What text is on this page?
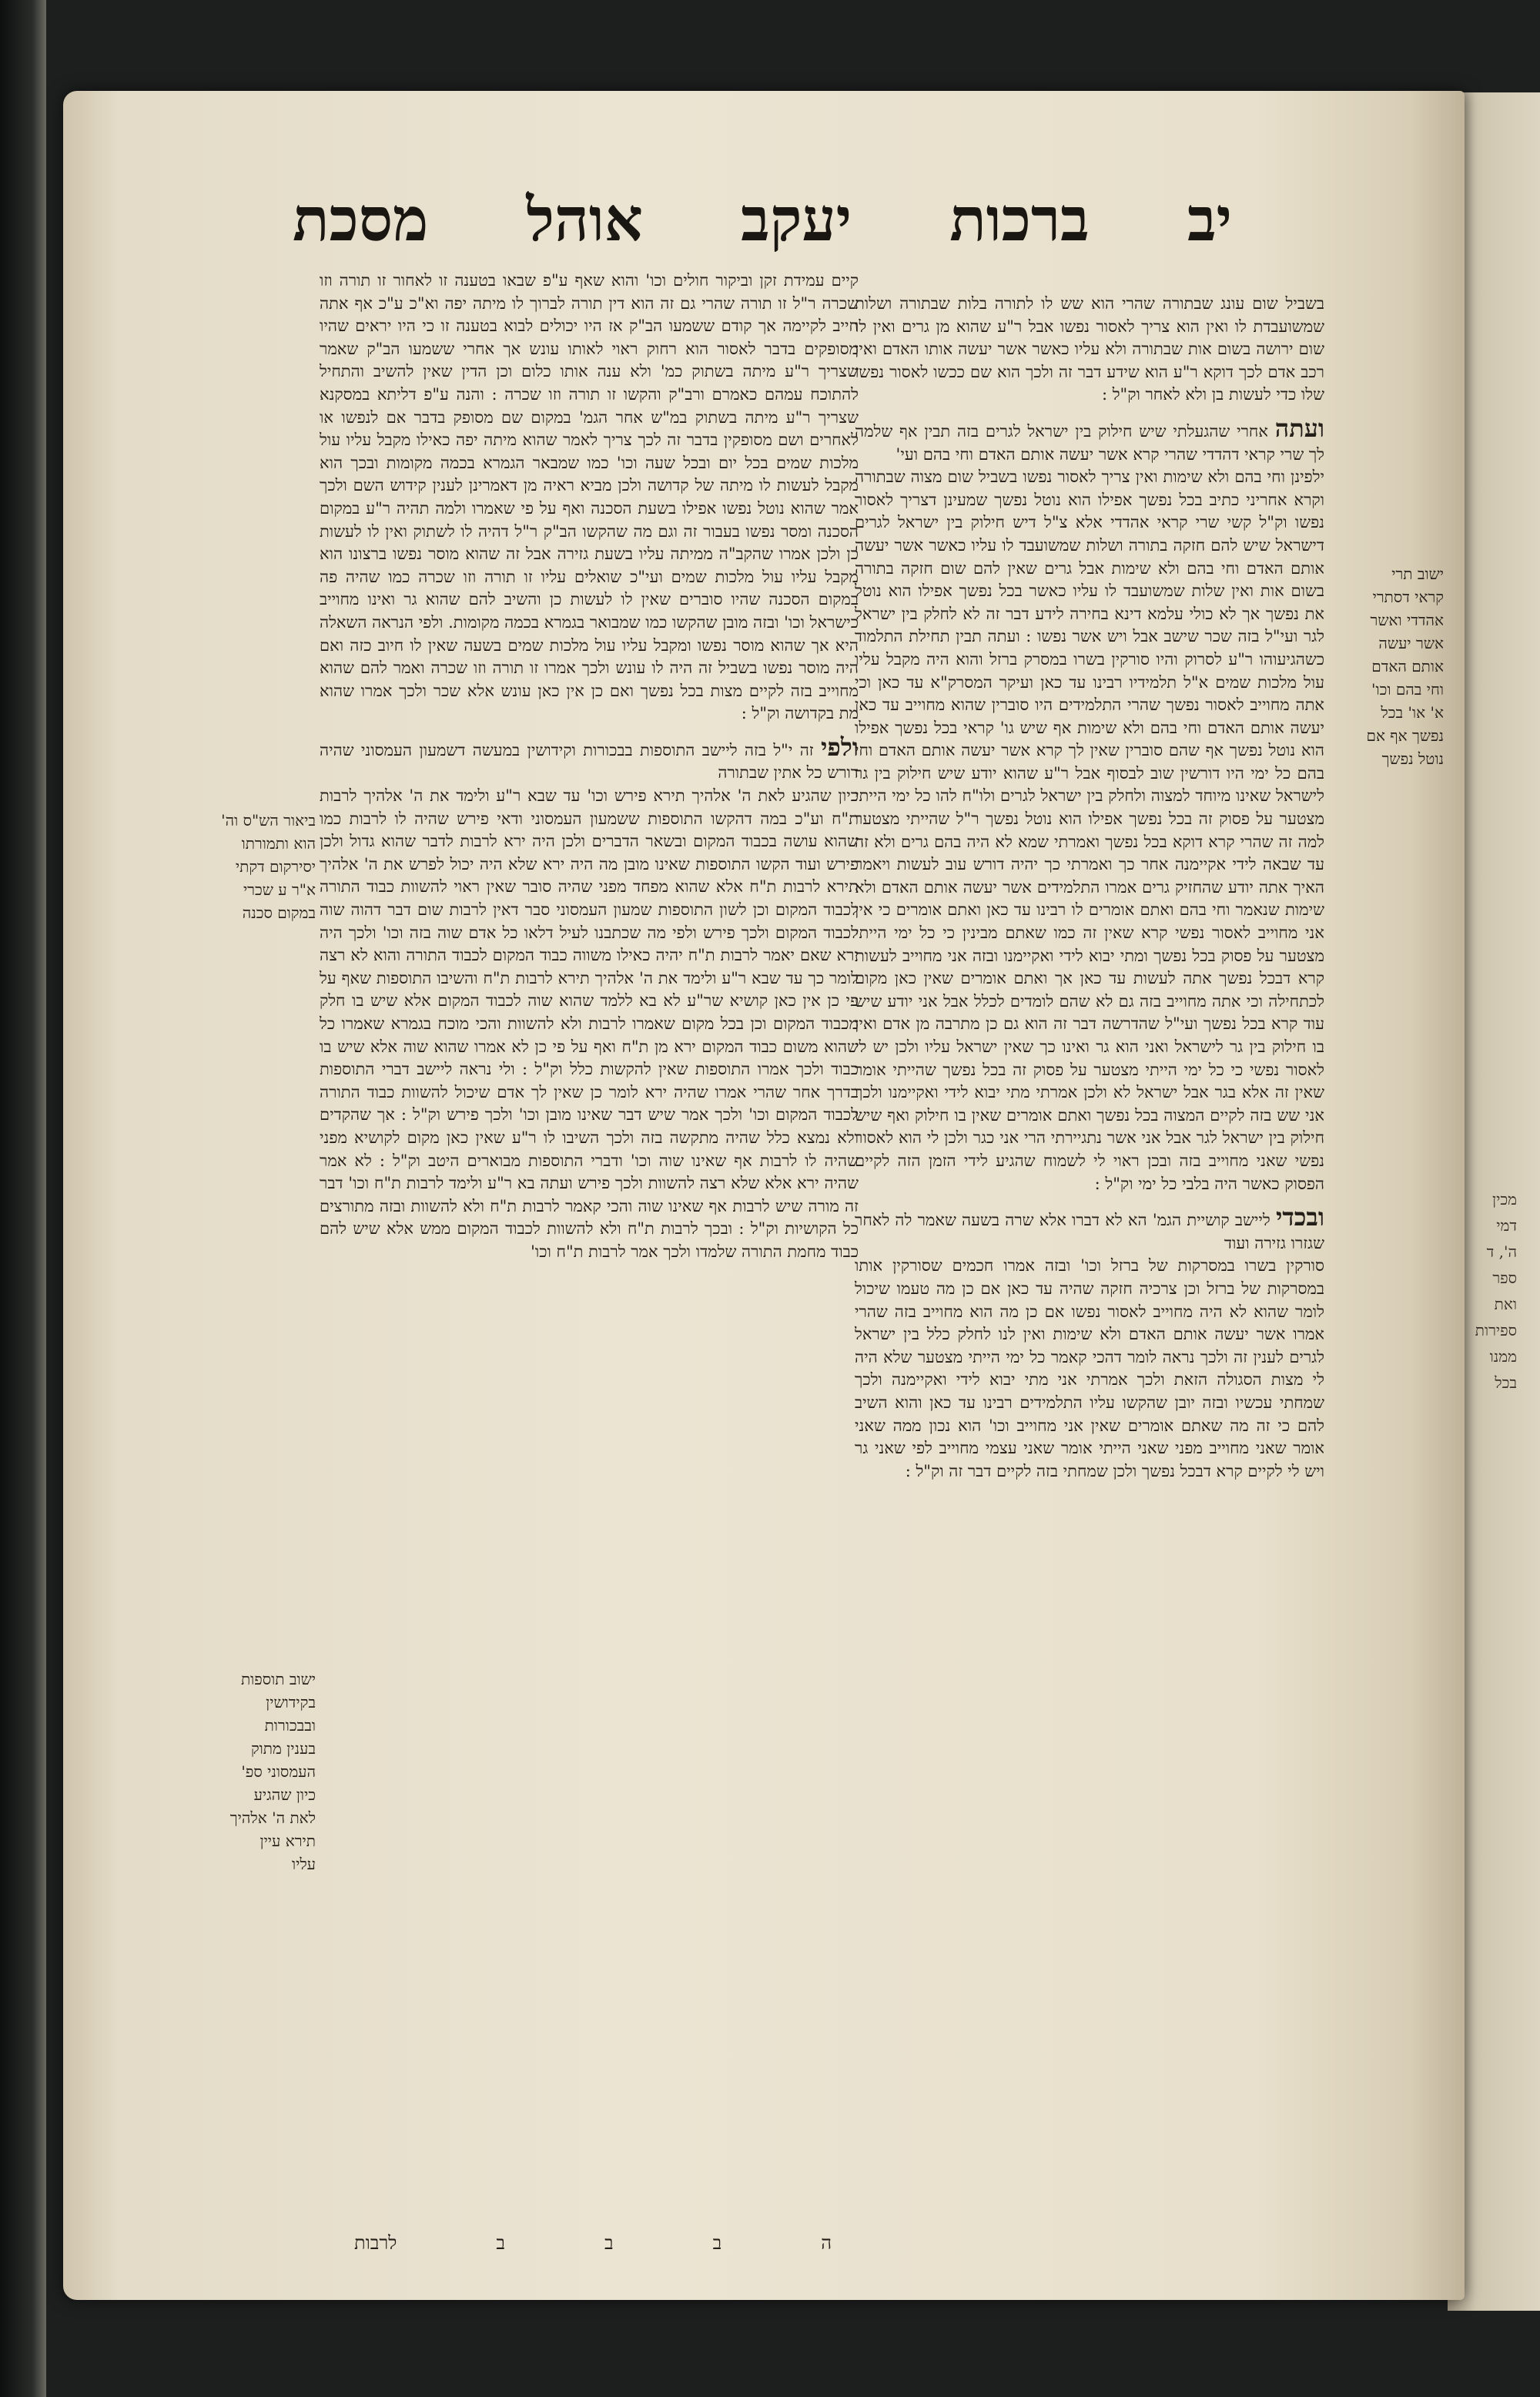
מכין
דמי
ה', ד
ספר
ואת
ספירות
ממנו
בכל
מסכת אוהל יעקב ברכות יב

בשביל שום עונג שבתורה שהרי הוא שש לו לתורה בלות שבתורה ושלות שמשועבדת לו ואין הוא צריך לאסור נפשו אבל ר"ע שהוא מן גרים ואין לו שום ירושה בשום אות שבתורה ולא עליו כאשר אשר יעשה אותו האדם ואין רכב אדם לכך דוקא ר"ע הוא שידע דבר זה ולכך הוא שם ככשו לאסור נפשו שלו כדי לעשות בן ולא לאחר וק"ל :

ועתה אחרי שהגעלתי שיש חילוק בין ישראל לגרים בזה תבין אף שלמה לך שרי קראי דהדדי שהרי קרא אשר יעשה אותם האדם וחי בהם ועי'

ילפינן וחי בהם ולא שימות ואין צריך לאסור נפשו בשביל שום מצוה שבתורה וקרא אחריני כתיב בכל נפשך אפילו הוא נוטל נפשך שמעינן דצריך לאסור נפשו וק"ל קשי שרי קראי אהדדי אלא צ"ל דיש חילוק בין ישראל לגרים דישראל שיש להם חזקה בתורה ושלות שמשועבד לו עליו כאשר אשר יעשה אותם האדם וחי בהם ולא שימות אבל גרים שאין להם שום חזקה בתורה בשום אות ואין שלות שמשועבד לו עליו כאשר בכל נפשך אפילו הוא נוטל את נפשך אך לא כולי עלמא דינא בחירה לידע דבר זה לא לחלק בין ישראל לגר ועי"ל בזה שכר שישב אבל ויש אשר נפשו : ועתה תבין תחילת התלמוד כשהגיעוהו ר"ע לסרוק והיו סורקין בשרו במסרק ברזל והוא היה מקבל עליו עול מלכות שמים א"ל תלמידיו רבינו עד כאן ועיקר המסרק"א עד כאן וכי אתה מחוייב לאסור נפשך שהרי התלמידים היו סוברין שהוא מחוייב עד כאן יעשה אותם האדם וחי בהם ולא שימות אף שיש גו' קראי בכל נפשך אפילו הוא נוטל נפשך אף שהם סוברין שאין לך קרא אשר יעשה אותם האדם וחי בהם כל ימי היו דורשין שוב לבסוף אבל ר"ע שהוא יודע שיש חילוק בין גר לישראל שאינו מיוחד למצוה ולחלק בין ישראל לגרים ולו"ח להו כל ימי הייתי מצטער על פסוק זה בכל נפשך אפילו הוא נוטל נפשך ר"ל שהייתי מצטער למה זה שהרי קרא דוקא בכל נפשך ואמרתי שמא לא היה בהם גרים ולא זה עד שבאה לידי אקיימנה אחר כך ואמרתי כך יהיה דורש עוב לעשות ויאמר האיך אתה יודע שהחזיק גרים אמרו התלמידים אשר יעשה אותם האדם ולא שימות שנאמר וחי בהם ואתם אומרים לו רבינו עד כאן ואתם אומרים כי אין אני מחוייב לאסור נפשי קרא שאין זה כמו שאתם מבינין כי כל ימי הייתי מצטער על פסוק בכל נפשך ומתי יבוא לידי ואקיימנו ובזה אני מחוייב לעשות קרא דבכל נפשך אתה לעשות עד כאן אך ואתם אומרים שאין כאן מקום לכתחילה וכי אתה מחוייב בזה גם לא שהם לומדים לכלל אבל אני יודע שיש עוד קרא בכל נפשך ועי"ל שהדרשה דבר זה הוא גם כן מתרבה מן אדם ואין בו חילוק בין גר לישראל ואני הוא גר ואינו כך שאין ישראל עליו ולכן יש לי לאסור נפשי כי כל ימי הייתי מצטער על פסוק זה בכל נפשך שהייתי אומר שאין זה אלא בגר אבל ישראל לא ולכן אמרתי מתי יבוא לידי ואקיימנו ולכך אני שש בזה לקיים המצוה בכל נפשך ואתם אומרים שאין בו חילוק ואף שיש חילוק בין ישראל לגר אבל אני אשר נתגיירתי הרי אני כגר ולכן לי הוא לאסור נפשי שאני מחוייב בזה ובכן ראוי לי לשמוח שהגיע לידי הזמן הזה לקיים הפסוק כאשר היה בלבי כל ימי וק"ל :

ובכדי ליישב קושיית הגמ' הא לא דברו אלא שרה בשעה שאמר לה לאחר שגזרו גזירה ועוד

סורקין בשרו במסרקות של ברזל וכו' ובזה אמרו חכמים שסורקין אותו במסרקות של ברזל וכן צרכיה חזקה שהיה עד כאן אם כן מה טעמו שיכול לומר שהוא לא היה מחוייב לאסור נפשו אם כן מה הוא מחוייב בזה שהרי אמרו אשר יעשה אותם האדם ולא שימות ואין לנו לחלק כלל בין ישראל לגרים לענין זה ולכך נראה לומר דהכי קאמר כל ימי הייתי מצטער שלא היה לי מצות הסגולה הזאת ולכך אמרתי אני מתי יבוא לידי ואקיימנה ולכך שמחתי עכשיו ובזה יובן שהקשו עליו התלמידים רבינו עד כאן והוא השיב להם כי זה מה שאתם אומרים שאין אני מחוייב וכו' הוא נכון ממה שאני אומר שאני מחוייב מפני שאני הייתי אומר שאני עצמי מחוייב לפי שאני גר ויש לי לקיים קרא דבכל נפשך ולכן שמחתי בזה לקיים דבר זה וק"ל :

קיים עמידת זקן וביקור חולים וכו' והוא שאף ע"פ שבאו בטענה זו לאחור זו תורה וזו שכרה ר"ל זו תורה שהרי גם זה הוא דין תורה לברוך לו מיתה יפה וא"כ ע"כ אף אתה חייב לקיימה אך קודם ששמעו הב"ק אז היו יכולים לבוא בטענה זו כי היו יראים שהיו מסופקים בדבר לאסור הוא רחוק ראוי לאותו עונש אך אחרי ששמעו הב"ק שאמר שצריך ר"ע מיתה בשתוק כמ' ולא ענה אותו כלום וכן הדין שאין להשיב והתחיל להתוכח עמהם כאמרם ורב"ק והקשו זו תורה וזו שכרה : והנה ע"פ דליתא במסקנא שצריך ר"ע מיתה בשתוק במ"ש אחר הגמ' במקום שם מסופק בדבר אם לנפשו או לאחרים ושם מסופקין בדבר זה לכך צריך לאמר שהוא מיתה יפה כאילו מקבל עליו עול מלכות שמים בכל יום ובכל שעה וכו' כמו שמבאר הגמרא בכמה מקומות ובכך הוא מקבל לעשות לו מיתה של קדושה ולכן מביא ראיה מן דאמרינן לענין קידוש השם ולכך אמר שהוא נוטל נפשו אפילו בשעת הסכנה ואף על פי שאמרו ולמה תהיה ר"ע במקום הסכנה ומסר נפשו בעבור זה וגם מה שהקשו הב"ק ר"ל דהיה לו לשתוק ואין לו לעשות כן ולכן אמרו שהקב"ה ממיתה עליו בשעת גזירה אבל זה שהוא מוסר נפשו ברצונו הוא מקבל עליו עול מלכות שמים ועי"כ שואלים עליו זו תורה וזו שכרה כמו שהיה פה במקום הסכנה שהיו סוברים שאין לו לעשות כן והשיב להם שהוא גר ואינו מחוייב כישראל וכו' ובזה מובן שהקשו כמו שמבואר בגמרא בכמה מקומות. ולפי הנראה השאלה היא אך שהוא מוסר נפשו ומקבל עליו עול מלכות שמים בשעה שאין לו חיוב כזה ואם היה מוסר נפשו בשביל זה היה לו עונש ולכך אמרו זו תורה וזו שכרה ואמר להם שהוא מחוייב בזה לקיים מצות בכל נפשך ואם כן אין כאן עונש אלא שכר ולכך אמרו שהוא מת בקדושה וק"ל :

ולפי זה י"ל בזה ליישב התוספות בבכורות וקידושין במעשה דשמעון העמסוני שהיה דורש כל אתין שבתורה

כיון שהגיע לאת ה' אלהיך תירא פירש וכו' עד שבא ר"ע ולימד את ה' אלהיך לרבות ת"ח וע"כ במה דהקשו התוספות ששמעון העמסוני ודאי פירש שהיה לו לרבות כמו שהוא עושה בכבוד המקום ובשאר הדברים ולכן היה ירא לרבות לדבר שהוא גדול ולכן פירש ועוד הקשו התוספות שאינו מובן מה היה ירא שלא היה יכול לפרש את ה' אלהיך תירא לרבות ת"ח אלא שהוא מפחד מפני שהיה סובר שאין ראוי להשוות כבוד התורה לכבוד המקום וכן לשון התוספות שמעון העמסוני סבר דאין לרבות שום דבר דהוה שוה לכבוד המקום ולכך פירש ולפי מה שכתבנו לעיל דלאו כל אדם שוה בזה וכו' ולכך היה ירא שאם יאמר לרבות ת"ח יהיה כאילו משווה כבוד המקום לכבוד התורה והוא לא רצה לומר כך עד שבא ר"ע ולימד את ה' אלהיך תירא לרבות ת"ח והשיבו התוספות שאף על פי כן אין כאן קושיא שר"ע לא בא ללמד שהוא שוה לכבוד המקום אלא שיש בו חלק מכבוד המקום וכן בכל מקום שאמרו לרבות ולא להשוות והכי מוכח בגמרא שאמרו כל שהוא משום כבוד המקום ירא מן ת"ח ואף על פי כן לא אמרו שהוא שוה אלא שיש בו כבוד ולכך אמרו התוספות שאין להקשות כלל וק"ל : ולי נראה ליישב דברי התוספות בדרך אחר שהרי אמרו שהיה ירא לומר כן שאין לך אדם שיכול להשוות כבוד התורה לכבוד המקום וכו' ולכך אמר שיש דבר שאינו מובן וכו' ולכך פירש וק"ל : אך שהקדים ולא נמצא כלל שהיה מתקשה בזה ולכך השיבו לו ר"ע שאין כאן מקום לקושיא מפני שהיה לו לרבות אף שאינו שוה וכו' ודברי התוספות מבוארים היטב וק"ל : לא אמר שהיה ירא אלא שלא רצה להשוות ולכך פירש ועתה בא ר"ע ולימד לרבות ת"ח וכו' דבר זה מורה שיש לרבות אף שאינו שוה והכי קאמר לרבות ת"ח ולא להשוות ובזה מתורצים כל הקושיות וק"ל : ובכך לרבות ת"ח ולא להשוות לכבוד המקום ממש אלא שיש להם כבוד מחמת התורה שלמדו ולכך אמר לרבות ת"ח וכו'

ישוב תרי

קראי דסתרי

אהדדי ואשר

אשר יעשה

אותם האדם

וחי בהם וכו'

א' או' בכל

נפשך אף אם

נוטל נפשך

ביאור הש"ס וה'

הוא ותמורתו

יסירקום דקתי

א"ר ע שכרי

במקום סכנה

ישוב תוספות

בקידושין

ובבכורות

בענין מתוק

העמסוני ספ'

כיון שהגיע

לאת ה' אלהיך

תירא עיין

עליו

ה
ב
ב
ב
לרבות
